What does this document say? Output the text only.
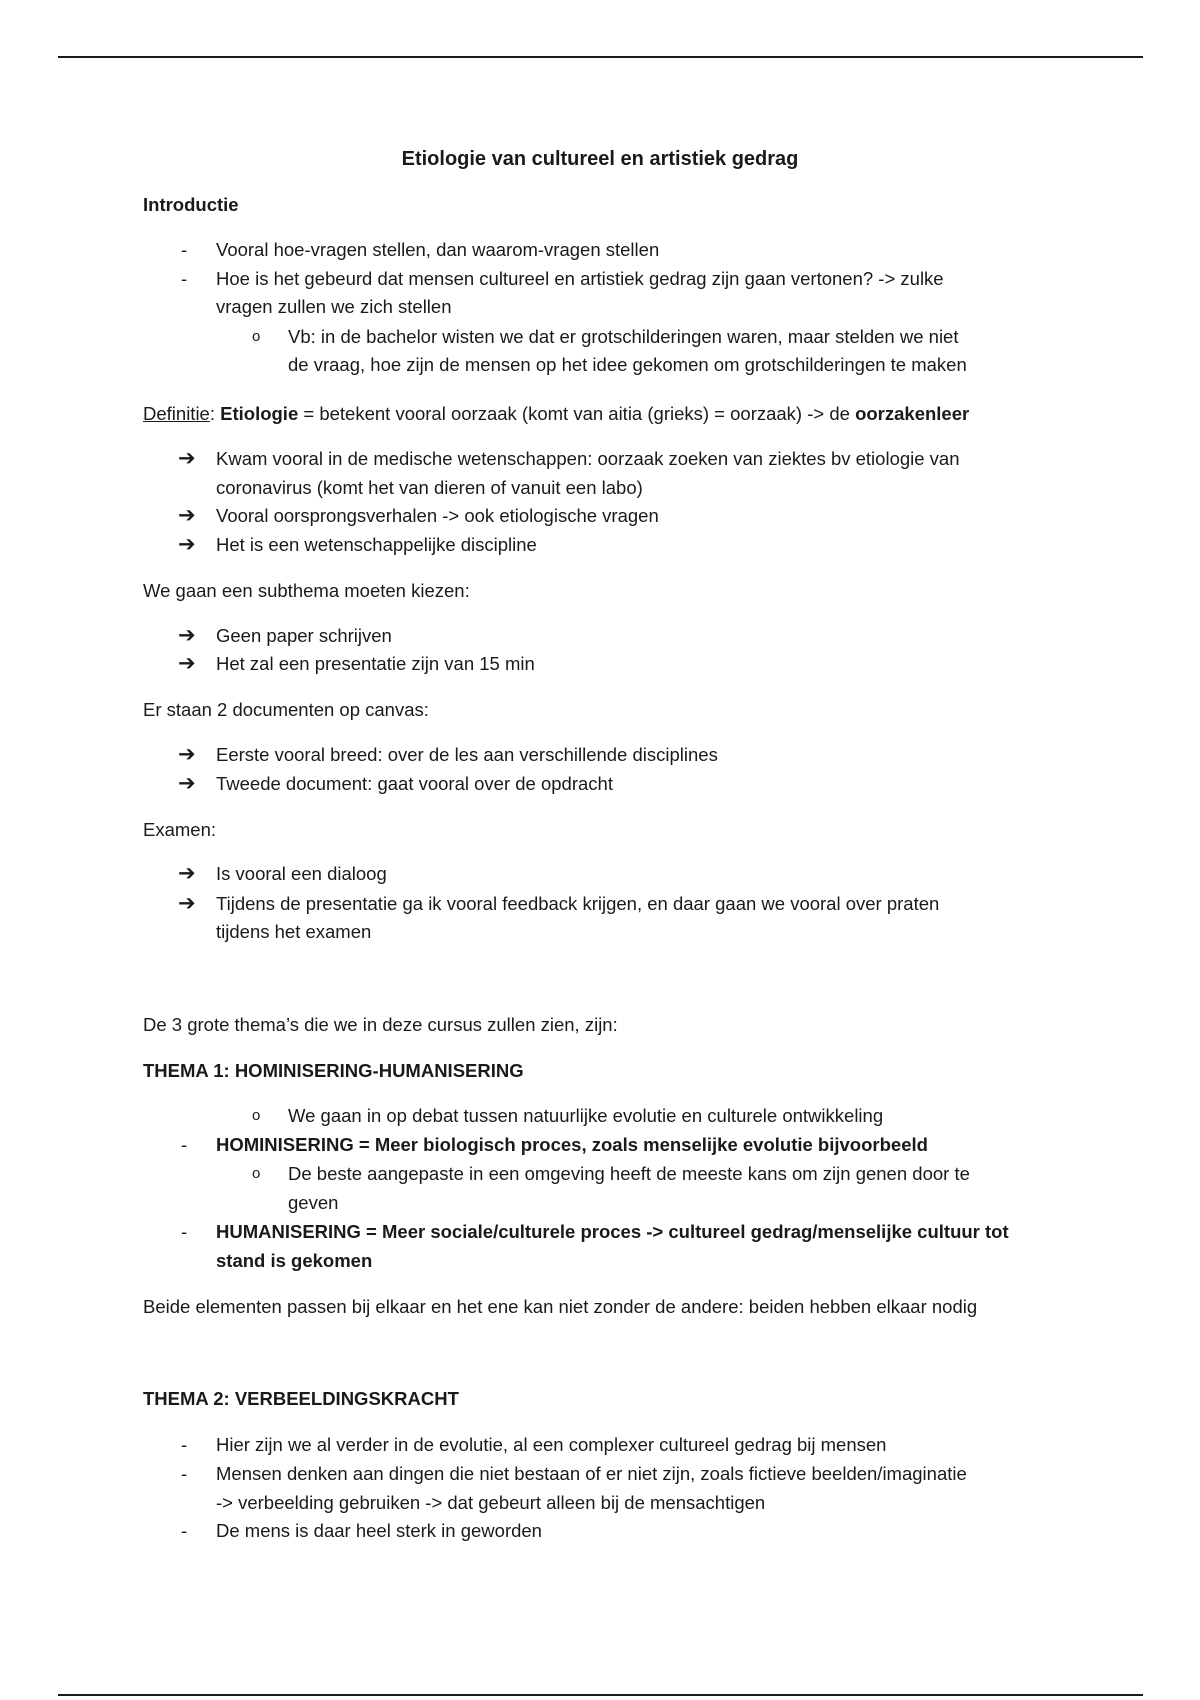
Etiologie van cultureel en artistiek gedrag
Introductie
- Vooral hoe-vragen stellen, dan waarom-vragen stellen
- Hoe is het gebeurd dat mensen cultureel en artistiek gedrag zijn gaan vertonen? -> zulke
vragen zullen we zich stellen
o Vb: in de bachelor wisten we dat er grotschilderingen waren, maar stelden we niet
de vraag, hoe zijn de mensen op het idee gekomen om grotschilderingen te maken
Definitie: Etiologie = betekent vooral oorzaak (komt van aitia (grieks) = oorzaak) -> de oorzakenleer
➔ Kwam vooral in de medische wetenschappen: oorzaak zoeken van ziektes bv etiologie van
coronavirus (komt het van dieren of vanuit een labo)
➔ Vooral oorsprongsverhalen -> ook etiologische vragen
➔ Het is een wetenschappelijke discipline
We gaan een subthema moeten kiezen:
➔ Geen paper schrijven
➔ Het zal een presentatie zijn van 15 min
Er staan 2 documenten op canvas:
➔ Eerste vooral breed: over de les aan verschillende disciplines
➔ Tweede document: gaat vooral over de opdracht
Examen:
➔ Is vooral een dialoog
➔ Tijdens de presentatie ga ik vooral feedback krijgen, en daar gaan we vooral over praten
tijdens het examen
De 3 grote thema’s die we in deze cursus zullen zien, zijn:
THEMA 1: HOMINISERING-HUMANISERING
o We gaan in op debat tussen natuurlijke evolutie en culturele ontwikkeling
- HOMINISERING = Meer biologisch proces, zoals menselijke evolutie bijvoorbeeld
o De beste aangepaste in een omgeving heeft de meeste kans om zijn genen door te
geven
- HUMANISERING = Meer sociale/culturele proces -> cultureel gedrag/menselijke cultuur tot
stand is gekomen
Beide elementen passen bij elkaar en het ene kan niet zonder de andere: beiden hebben elkaar nodig
THEMA 2: VERBEELDINGSKRACHT
- Hier zijn we al verder in de evolutie, al een complexer cultureel gedrag bij mensen
- Mensen denken aan dingen die niet bestaan of er niet zijn, zoals fictieve beelden/imaginatie
-> verbeelding gebruiken -> dat gebeurt alleen bij de mensachtigen
- De mens is daar heel sterk in geworden
